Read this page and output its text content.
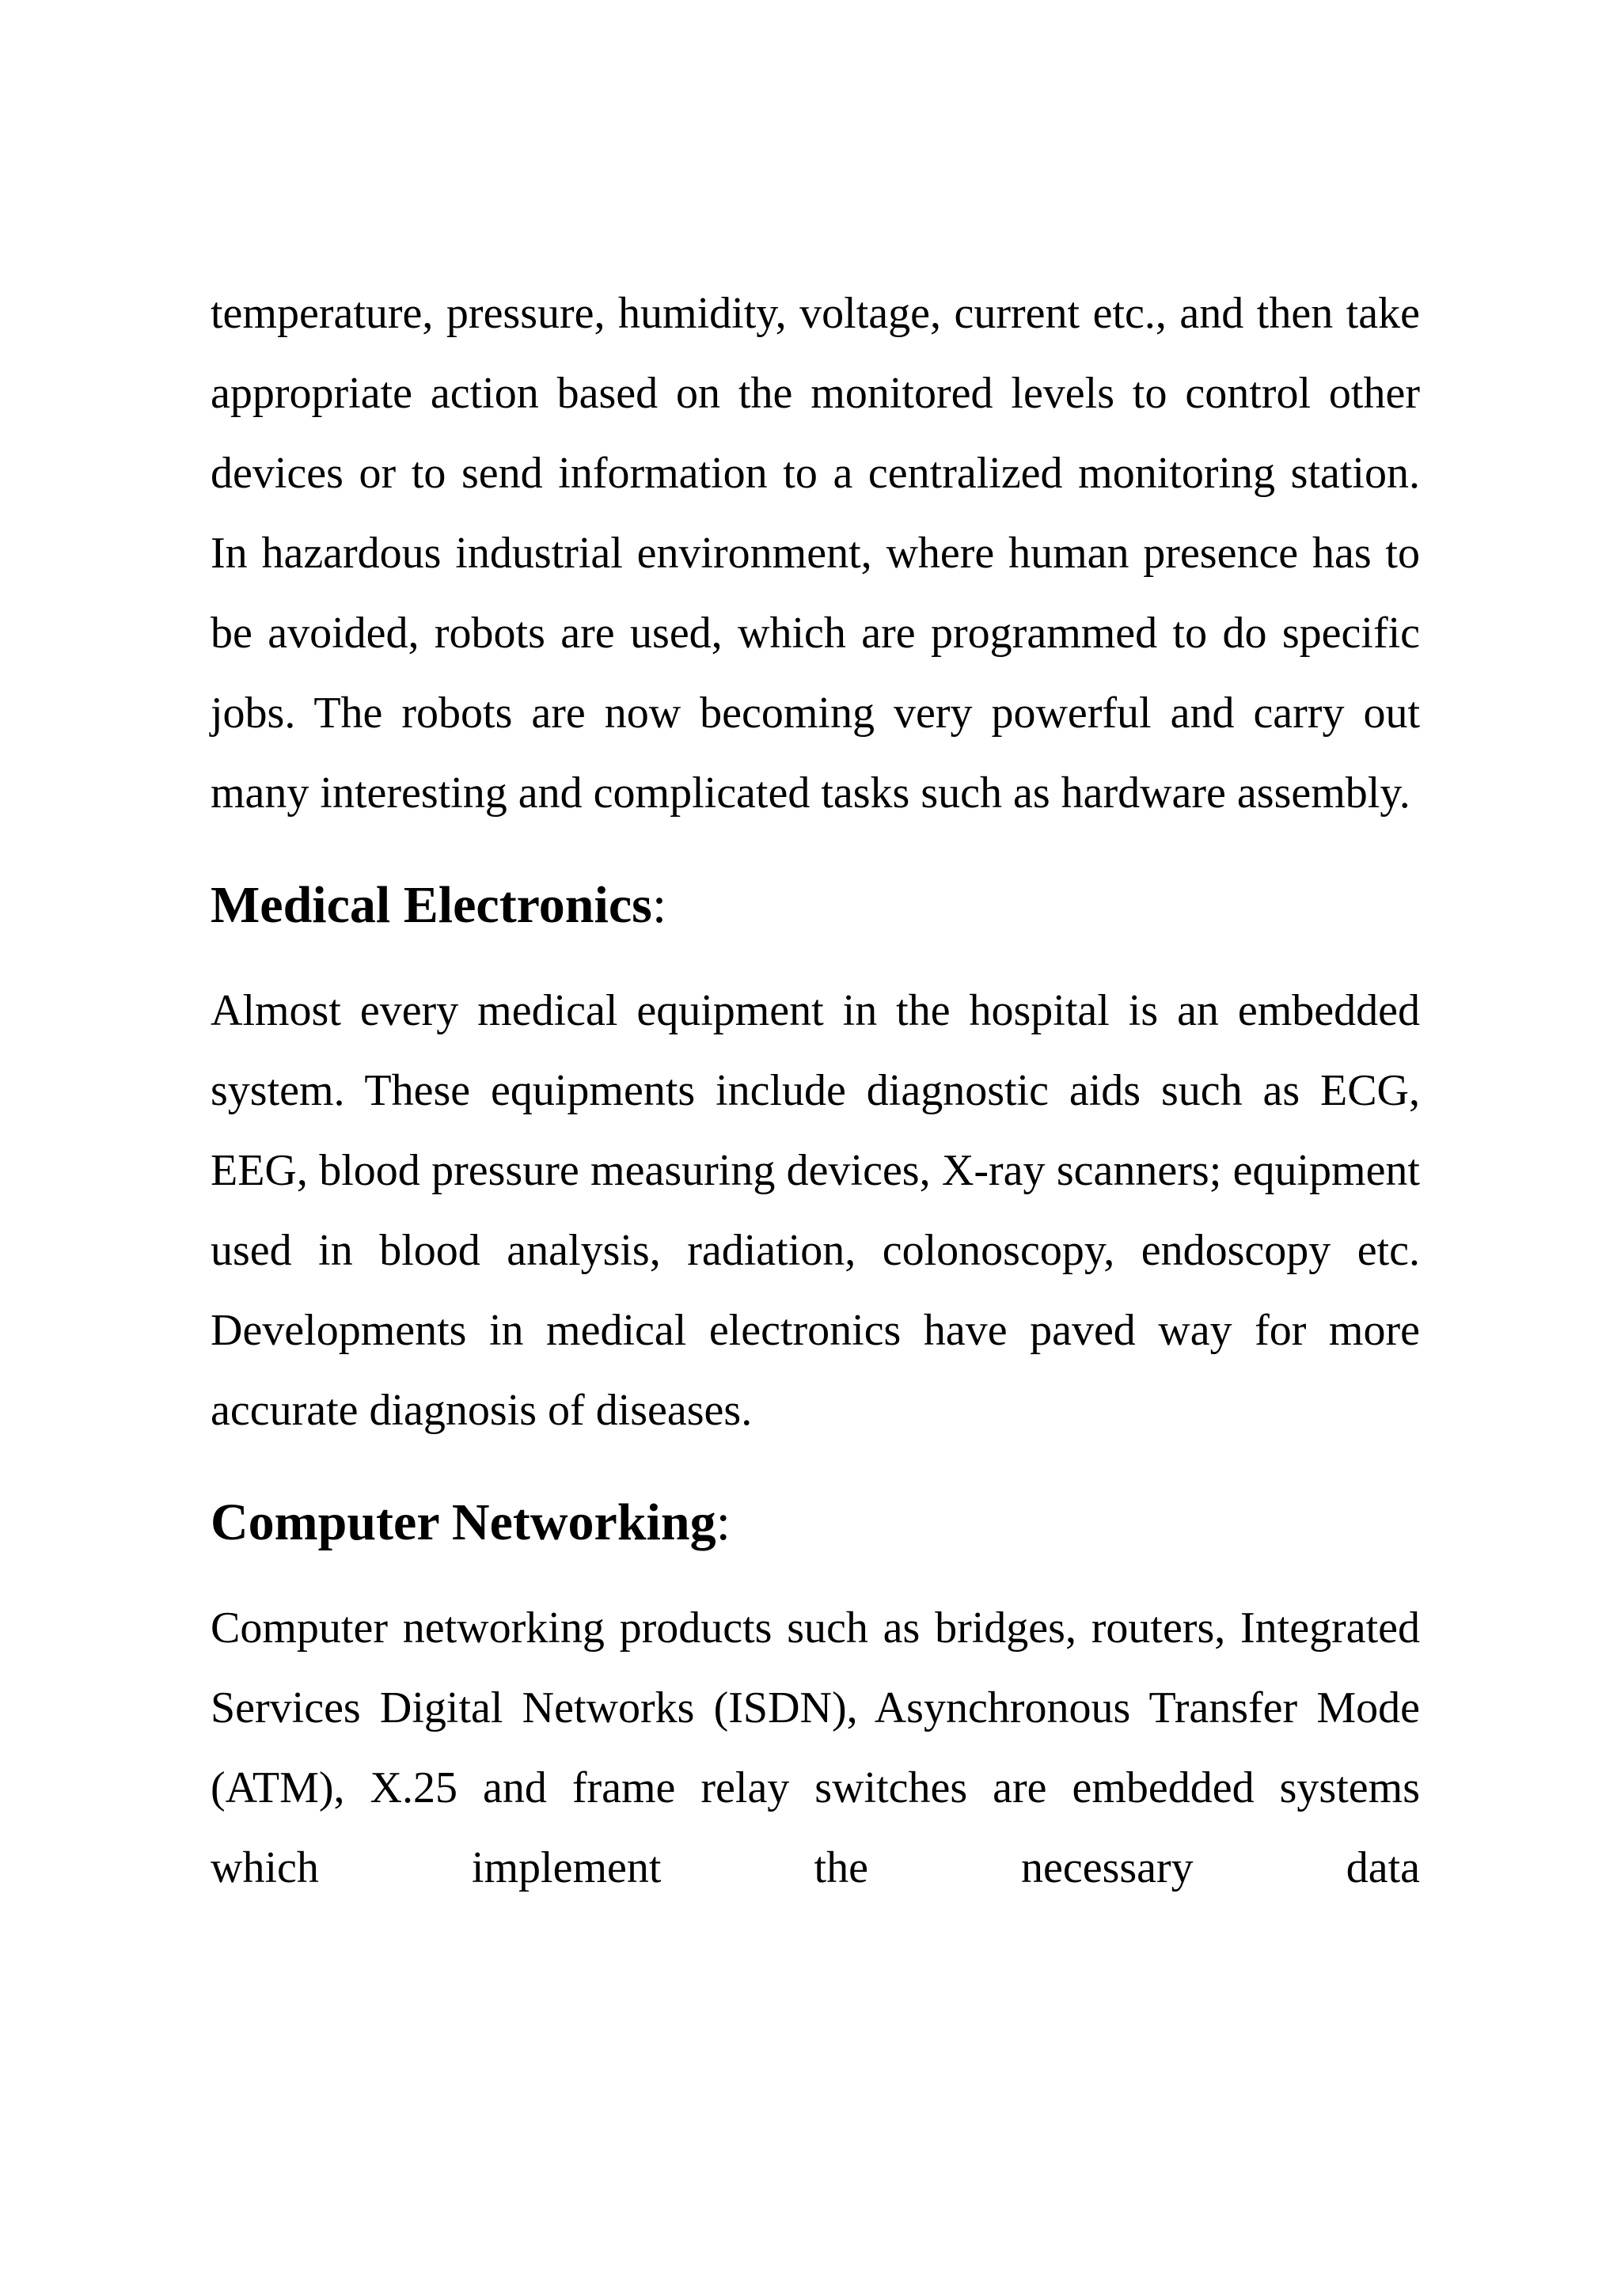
temperature, pressure, humidity, voltage, current etc., and then take appropriate action based on the monitored levels to control other devices or to send information to a centralized monitoring station. In hazardous industrial environment, where human presence has to be avoided, robots are used, which are programmed to do specific jobs. The robots are now becoming very powerful and carry out many interesting and complicated tasks such as hardware assembly.

Medical Electronics:

Almost every medical equipment in the hospital is an embedded system. These equipments include diagnostic aids such as ECG, EEG, blood pressure measuring devices, X-ray scanners; equipment used in blood analysis, radiation, colonoscopy, endoscopy etc. Developments in medical electronics have paved way for more accurate diagnosis of diseases.

Computer Networking:

Computer networking products such as bridges, routers, Integrated Services Digital Networks (ISDN), Asynchronous Transfer Mode (ATM), X.25 and frame relay switches are embedded systems which implement the necessary data
